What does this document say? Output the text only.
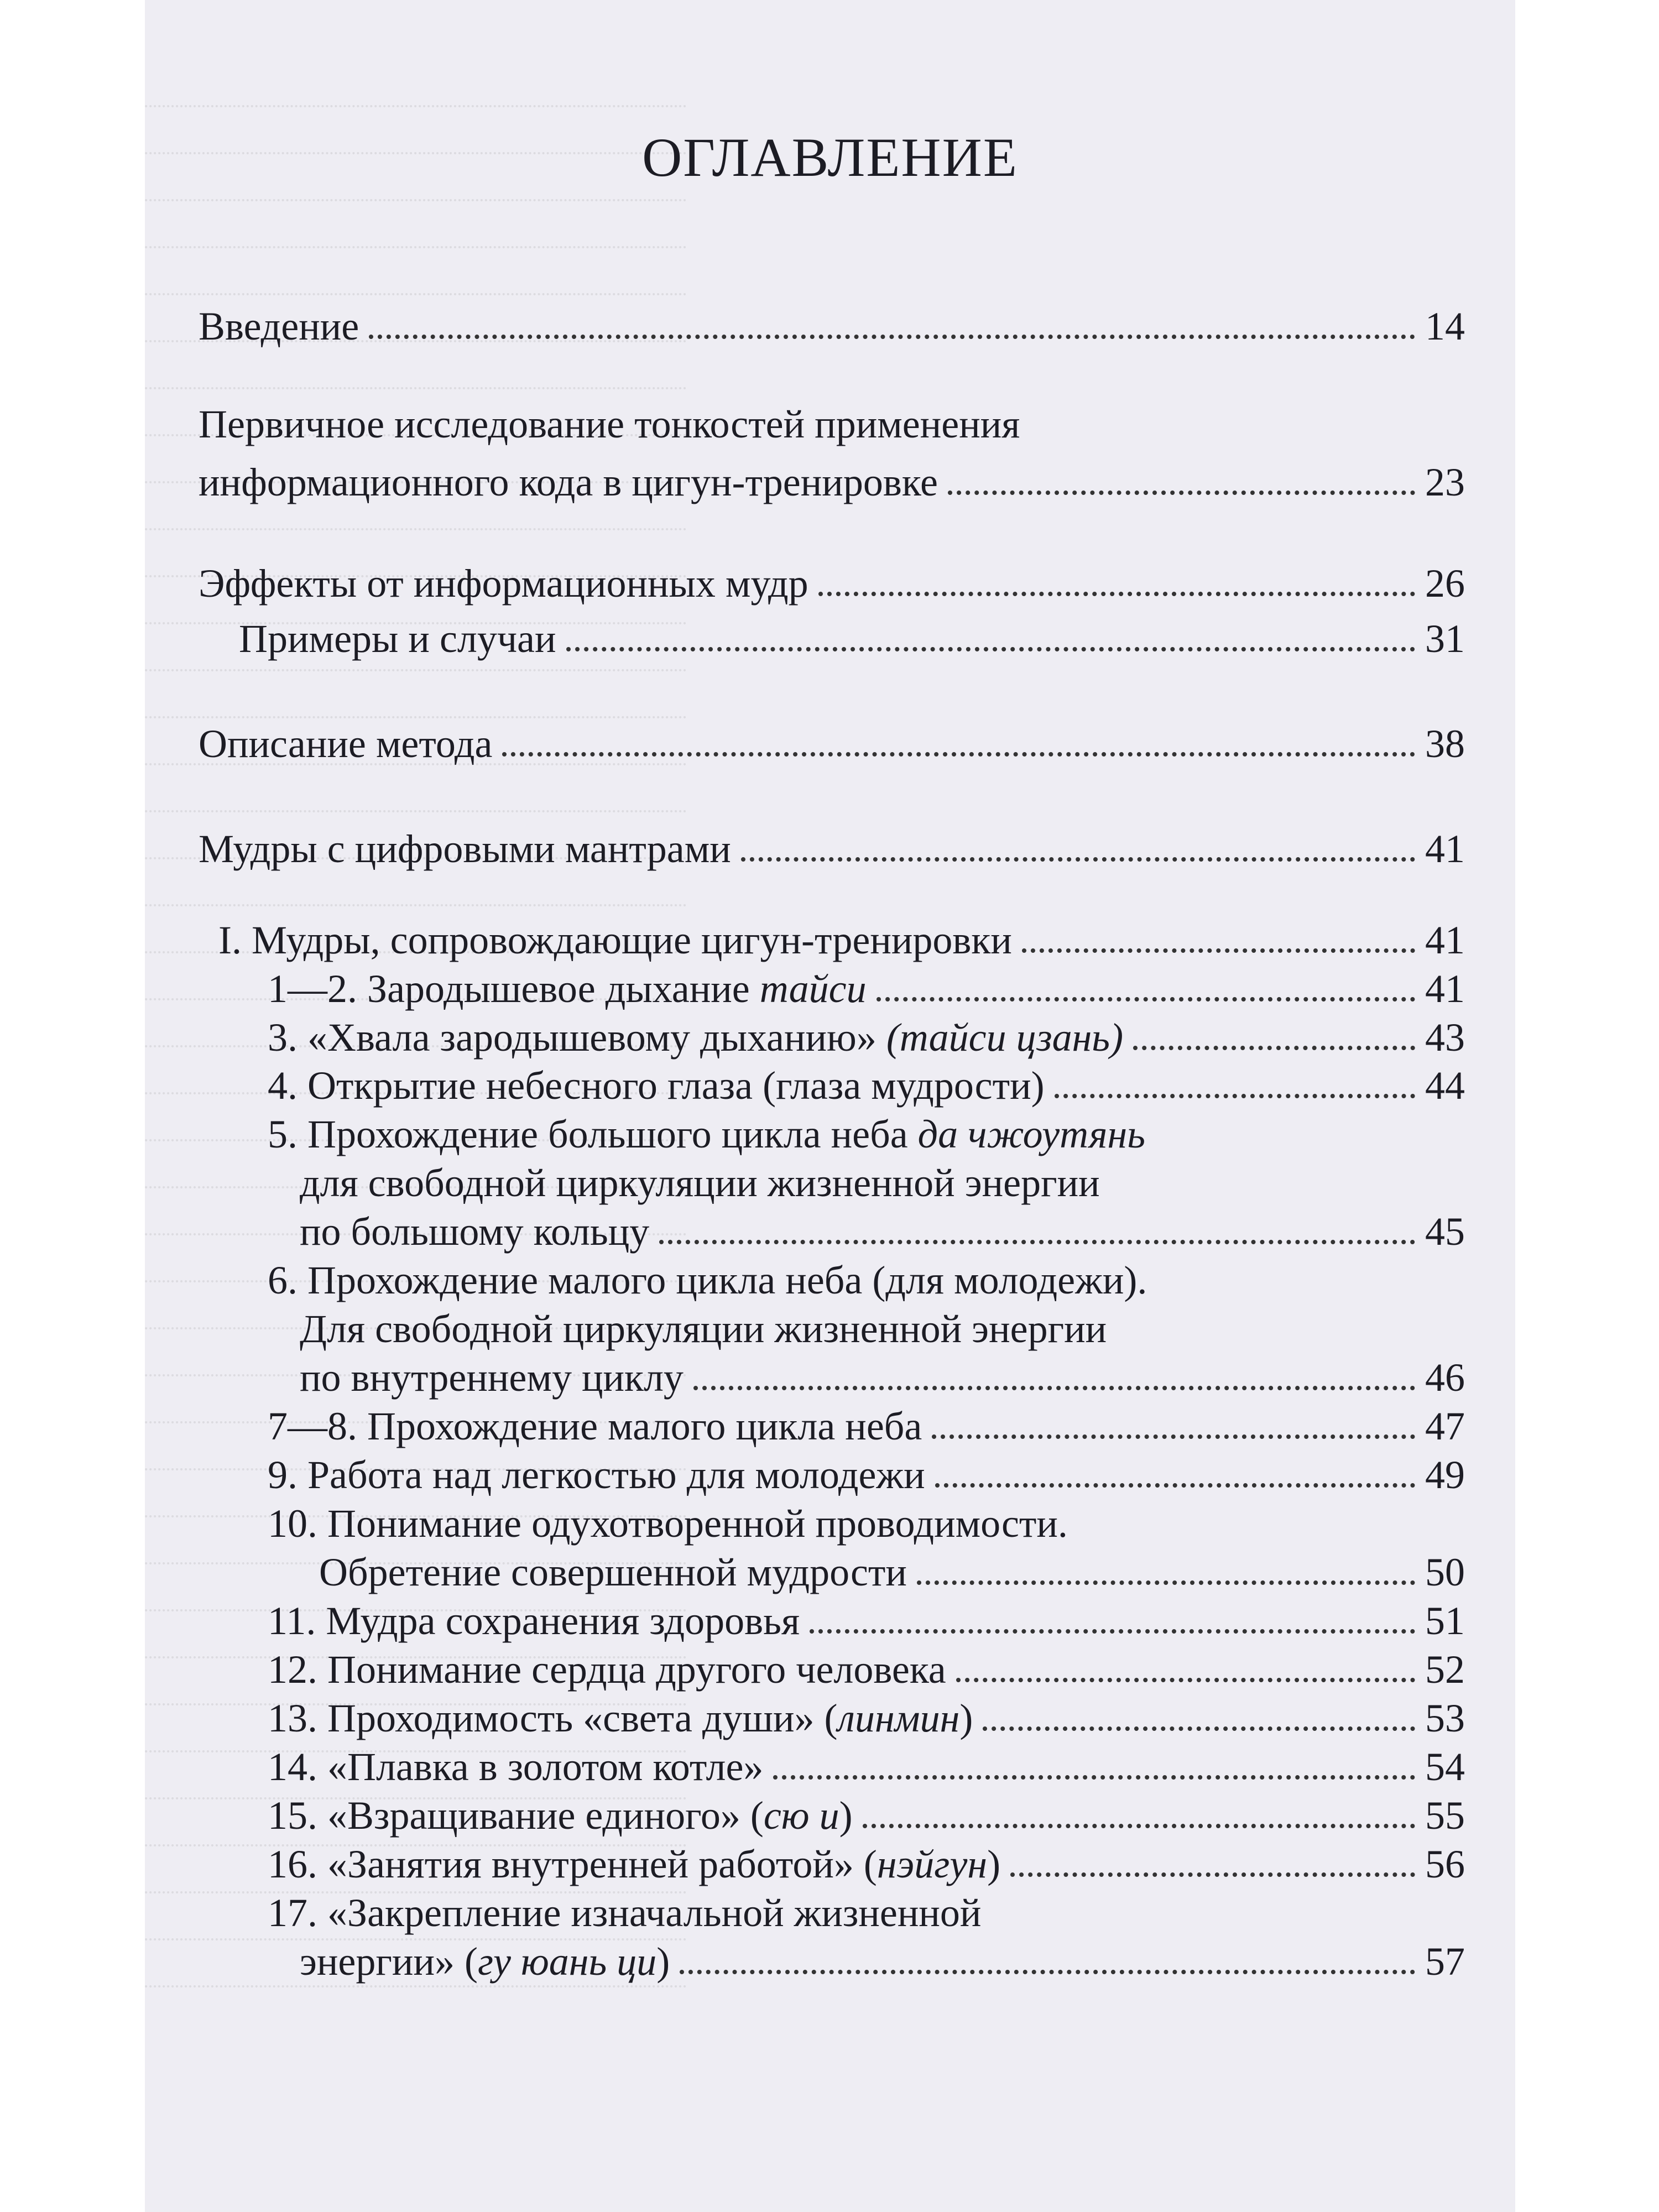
ОГЛАВЛЕНИЕ
Введение	14
Первичное исследование тонкостей применения
информационного кода в цигун-тренировке	23
Эффекты от информационных мудр	26
Примеры и случаи	31
Описание метода	38
Мудры с цифровыми мантрами	41
I. Мудры, сопровождающие цигун-тренировки	41
1—2. Зародышевое дыхание тайси	41
3. «Хвала зародышевому дыханию» (тайси цзань)	43
4. Открытие небесного глаза (глаза мудрости)	44
5. Прохождение большого цикла неба да чжоутянь
для свободной циркуляции жизненной энергии
по большому кольцу	45
6. Прохождение малого цикла неба (для молодежи).
Для свободной циркуляции жизненной энергии
по внутреннему циклу	46
7—8. Прохождение малого цикла неба	47
9. Работа над легкостью для молодежи	49
10. Понимание одухотворенной проводимости.
Обретение совершенной мудрости	50
11. Мудра сохранения здоровья	51
12. Понимание сердца другого человека	52
13. Проходимость «света души» (линмин)	53
14. «Плавка в золотом котле»	54
15. «Взращивание единого» (сю и)	55
16. «Занятия внутренней работой» (нэйгун)	56
17. «Закрепление изначальной жизненной
энергии» (гу юань ци)	57
